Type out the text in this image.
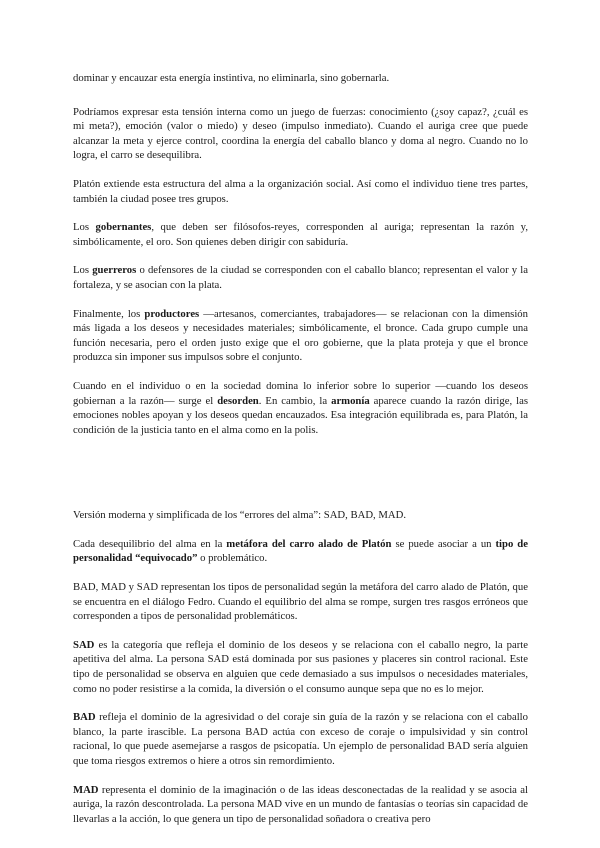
dominar y encauzar esta energía instintiva, no eliminarla, sino gobernarla.

Podríamos expresar esta tensión interna como un juego de fuerzas: conocimiento (¿soy capaz?, ¿cuál es mi meta?), emoción (valor o miedo) y deseo (impulso inmediato). Cuando el auriga cree que puede alcanzar la meta y ejerce control, coordina la energía del caballo blanco y doma al negro. Cuando no lo logra, el carro se desequilibra.

Platón extiende esta estructura del alma a la organización social. Así como el individuo tiene tres partes, también la ciudad posee tres grupos.

Los gobernantes, que deben ser filósofos-reyes, corresponden al auriga; representan la razón y, simbólicamente, el oro. Son quienes deben dirigir con sabiduría.

Los guerreros o defensores de la ciudad se corresponden con el caballo blanco; representan el valor y la fortaleza, y se asocian con la plata.

Finalmente, los productores —artesanos, comerciantes, trabajadores— se relacionan con la dimensión más ligada a los deseos y necesidades materiales; simbólicamente, el bronce. Cada grupo cumple una función necesaria, pero el orden justo exige que el oro gobierne, que la plata proteja y que el bronce produzca sin imponer sus impulsos sobre el conjunto.

Cuando en el individuo o en la sociedad domina lo inferior sobre lo superior —cuando los deseos gobiernan a la razón— surge el desorden. En cambio, la armonía aparece cuando la razón dirige, las emociones nobles apoyan y los deseos quedan encauzados. Esa integración equilibrada es, para Platón, la condición de la justicia tanto en el alma como en la polis.

Versión moderna y simplificada de los “errores del alma”: SAD, BAD, MAD.

Cada desequilibrio del alma en la metáfora del carro alado de Platón se puede asociar a un tipo de personalidad “equivocado” o problemático.

BAD, MAD y SAD representan los tipos de personalidad según la metáfora del carro alado de Platón, que se encuentra en el diálogo Fedro. Cuando el equilibrio del alma se rompe, surgen tres rasgos erróneos que corresponden a tipos de personalidad problemáticos.

SAD es la categoría que refleja el dominio de los deseos y se relaciona con el caballo negro, la parte apetitiva del alma. La persona SAD está dominada por sus pasiones y placeres sin control racional. Este tipo de personalidad se observa en alguien que cede demasiado a sus impulsos o necesidades materiales, como no poder resistirse a la comida, la diversión o el consumo aunque sepa que no es lo mejor.

BAD refleja el dominio de la agresividad o del coraje sin guía de la razón y se relaciona con el caballo blanco, la parte irascible. La persona BAD actúa con exceso de coraje o impulsividad y sin control racional, lo que puede asemejarse a rasgos de psicopatía. Un ejemplo de personalidad BAD sería alguien que toma riesgos extremos o hiere a otros sin remordimiento.

MAD representa el dominio de la imaginación o de las ideas desconectadas de la realidad y se asocia al auriga, la razón descontrolada. La persona MAD vive en un mundo de fantasías o teorías sin capacidad de llevarlas a la acción, lo que genera un tipo de personalidad soñadora o creativa pero
